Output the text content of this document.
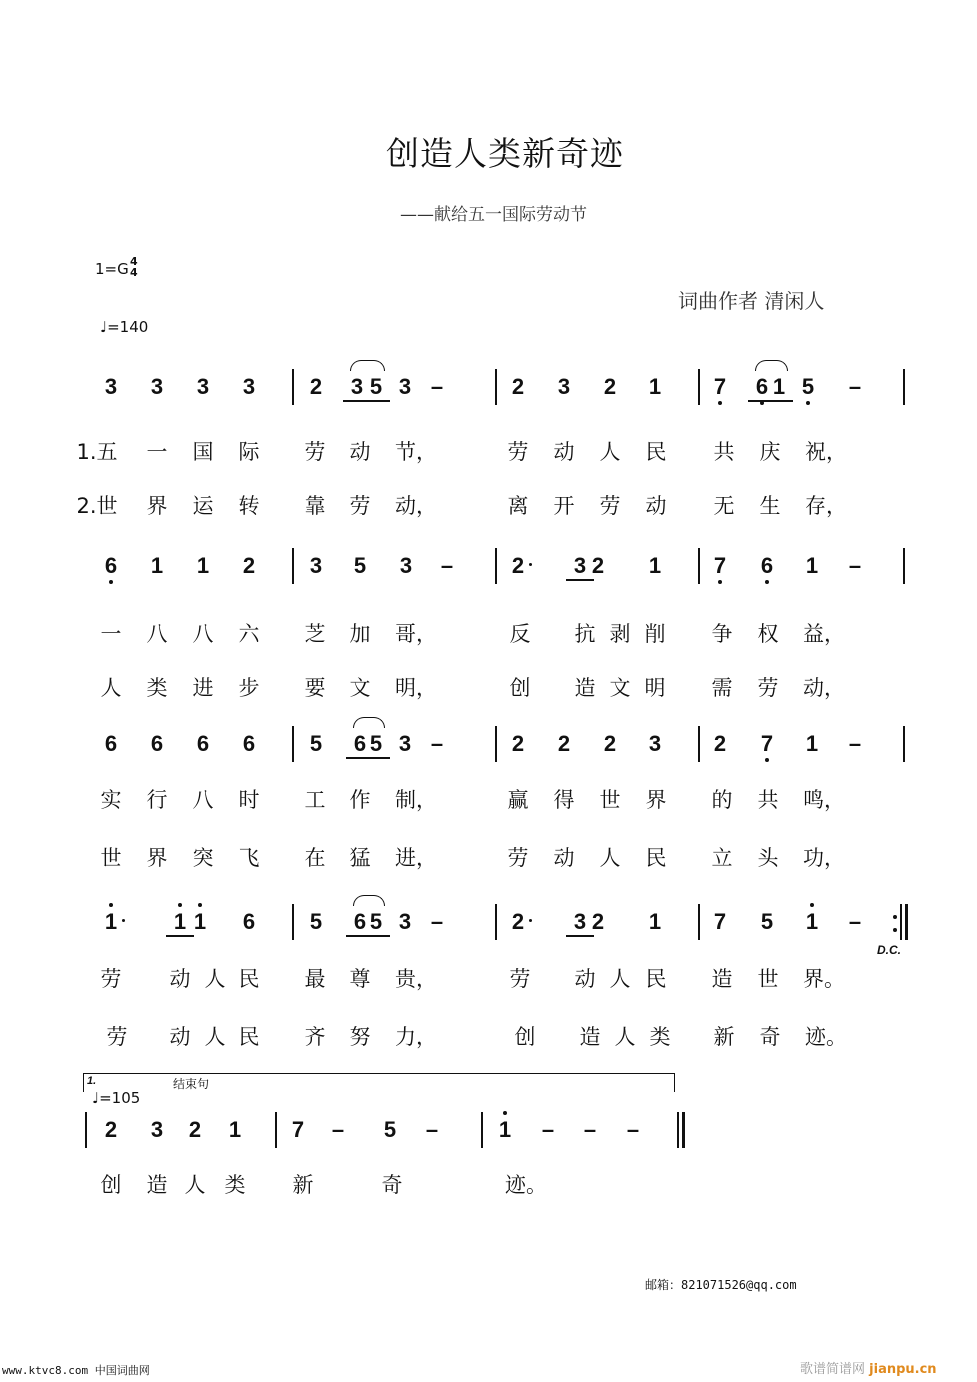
创造人类新奇迹
——献给五一国际劳动节
1=G 4
4
词曲作者 清闲人
♩=140
3 3 3 3 2 3 5 3 –	2 3 2 1 7 6 1 5 –
1.五 一 国 际 劳 动 节，	劳 动 人 民 共 庆 祝，
2.世 界 运 转 靠 劳 动，	离 开 劳 动 无 生 存，
6 1 1 2 3 5 3 –	2 3 2 1 7 6 1 –
一 八 八 六 芝 加 哥，	反 抗 剥 削 争 权 益，
人 类 进 步 要 文 明，	创 造 文 明 需 劳 动，
6 6 6 6 5 6 5 3 –	2 2 2 3 2 7 1 –
实 行 八 时 工 作 制，	赢 得 世 界 的 共 鸣，
世 界 突 飞 在 猛 进，	劳 动 人 民 立 头 功，
1	1 1 6 5 6 5 3 –	2 3 2 1 7 5 1 –
劳 动 人 民 最 尊 贵，	劳 动 人 民 造 世 界。
劳 动 人 民 齐 努 力，	创 造 人 类 新 奇 迹。
2 3 2 1 7 – 5 –	1 – – –
创 造 人 类 新	奇	迹。
D.C.
1.	结束句
♩=105
邮箱：821071526@qq.com
www.ktvc8.com 中国词曲网	歌谱简谱网 jianpu.cn
